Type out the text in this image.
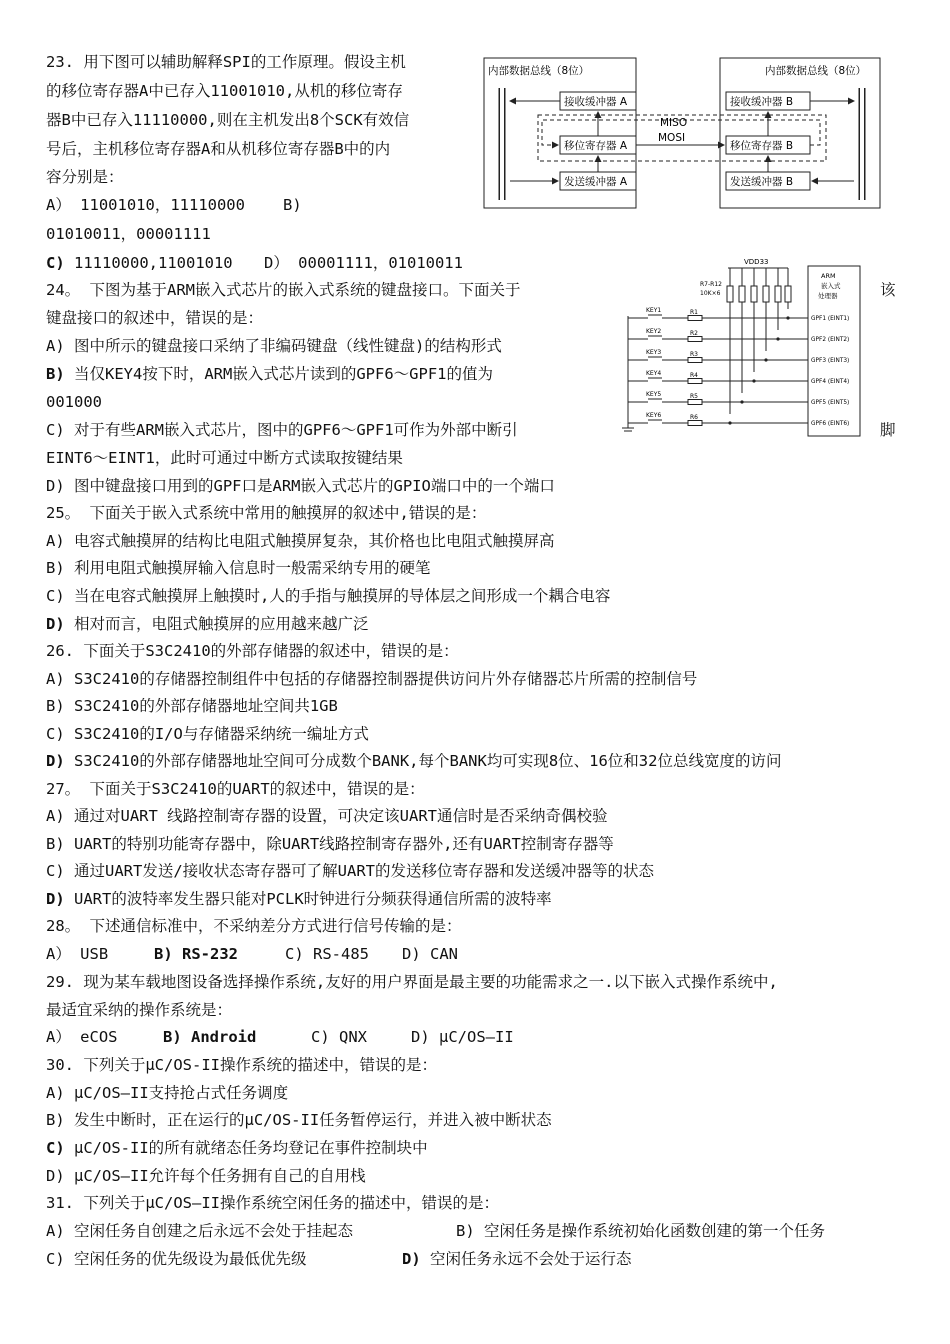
23. 用下图可以辅助解释SPI的工作原理。假设主机
的移位寄存器A中已存入11001010,从机的移位寄存
器B中已存入11110000,则在主机发出8个SCK有效信
号后，主机移位寄存器A和从机移位寄存器B中的内
容分别是：
A） 11001010，11110000 B)
01010011，00001111
C) 11110000,11001010 D） 00001111，01010011
内部数据总线（8位）	内部数据总线（8位）
接收缓冲器 A
移位寄存器 A
发送缓冲器 A
接收缓冲器 B
移位寄存器 B
发送缓冲器 B
MOSI
MISO
24。 下图为基于ARM嵌入式芯片的嵌入式系统的键盘接口。下面关于	该
键盘接口的叙述中，错误的是：
A) 图中所示的键盘接口采纳了非编码键盘（线性键盘)的结构形式
B) 当仅KEY4按下时，ARM嵌入式芯片读到的GPF6～GPF1的值为
001000
C) 对于有些ARM嵌入式芯片，图中的GPF6～GPF1可作为外部中断引	脚
EINT6～EINT1，此时可通过中断方式读取按键结果
D) 图中键盘接口用到的GPF口是ARM嵌入式芯片的GPIO端口中的一个端口
VDD33
R7-R12
10K×6
ARM
嵌入式
处理器
KEY1	R1
GPF1 (EINT1)
KEY2	R2
GPF2 (EINT2)
KEY3	R3
GPF3 (EINT3)
KEY4	R4
GPF4 (EINT4)
KEY5	R5
GPF5 (EINT5)
KEY6	R6
GPF6 (EINT6)
25。 下面关于嵌入式系统中常用的触摸屏的叙述中,错误的是：
A) 电容式触摸屏的结构比电阻式触摸屏复杂，其价格也比电阻式触摸屏高
B) 利用电阻式触摸屏输入信息时一般需采纳专用的硬笔
C) 当在电容式触摸屏上触摸时,人的手指与触摸屏的导体层之间形成一个耦合电容
D) 相对而言，电阻式触摸屏的应用越来越广泛
26. 下面关于S3C2410的外部存储器的叙述中，错误的是：
A) S3C2410的存储器控制组件中包括的存储器控制器提供访问片外存储器芯片所需的控制信号
B) S3C2410的外部存储器地址空间共1GB
C) S3C2410的I/O与存储器采纳统一编址方式
D) S3C2410的外部存储器地址空间可分成数个BANK,每个BANK均可实现8位、16位和32位总线宽度的访问
27。 下面关于S3C2410的UART的叙述中，错误的是：
A) 通过对UART 线路控制寄存器的设置，可决定该UART通信时是否采纳奇偶校验
B) UART的特别功能寄存器中，除UART线路控制寄存器外,还有UART控制寄存器等
C) 通过UART发送/接收状态寄存器可了解UART的发送移位寄存器和发送缓冲器等的状态
D) UART的波特率发生器只能对PCLK时钟进行分频获得通信所需的波特率
28。 下述通信标准中，不采纳差分方式进行信号传输的是：
A） USB	B) RS-232	C) RS-485 D) CAN
29. 现为某车载地图设备选择操作系统,友好的用户界面是最主要的功能需求之一.以下嵌入式操作系统中,
最适宜采纳的操作系统是：
A） eCOS	B) Android	C) QNX	D) μC/OS—II
30. 下列关于μC/OS-II操作系统的描述中，错误的是：
A) μC/OS—II支持抢占式任务调度
B) 发生中断时，正在运行的μC/OS-II任务暂停运行，并进入被中断状态
C) μC/OS-II的所有就绪态任务均登记在事件控制块中
D) μC/OS—II允许每个任务拥有自己的自用栈
31. 下列关于μC/OS—II操作系统空闲任务的描述中，错误的是：
A) 空闲任务自创建之后永远不会处于挂起态	B) 空闲任务是操作系统初始化函数创建的第一个任务
C) 空闲任务的优先级设为最低优先级	D) 空闲任务永远不会处于运行态
